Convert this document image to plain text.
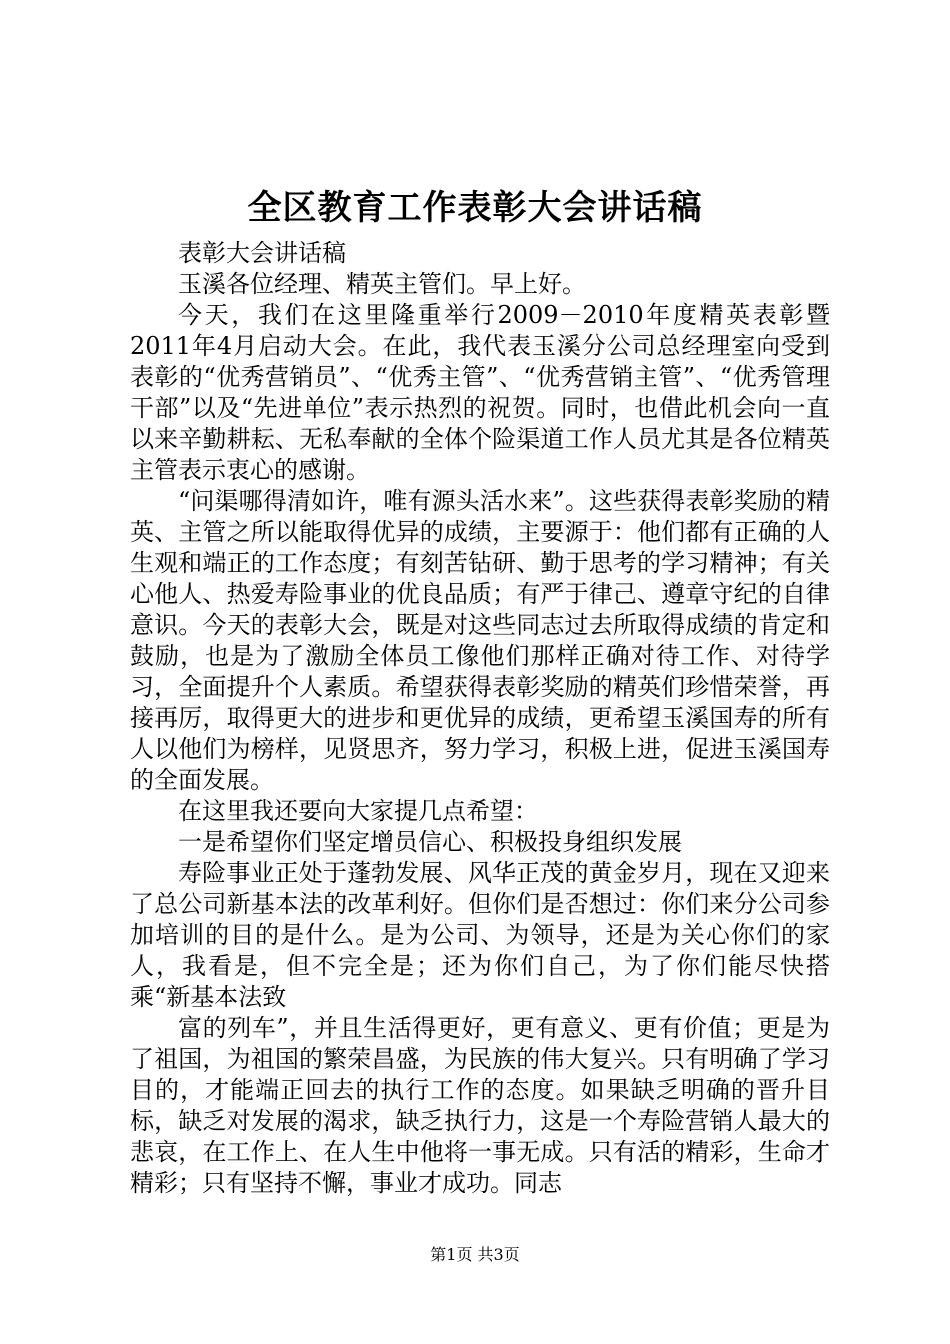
全区教育工作表彰大会讲话稿

表彰大会讲话稿

玉溪各位经理、精英主管们。早上好。

今天，我们在这里隆重举行2009－2010年度精英表彰暨2011年4月启动大会。在此，我代表玉溪分公司总经理室向受到表彰的“优秀营销员”、“优秀主管”、“优秀营销主管”、“优秀管理干部”以及“先进单位”表示热烈的祝贺。同时，也借此机会向一直以来辛勤耕耘、无私奉献的全体个险渠道工作人员尤其是各位精英主管表示衷心的感谢。

“问渠哪得清如许，唯有源头活水来”。这些获得表彰奖励的精英、主管之所以能取得优异的成绩，主要源于：他们都有正确的人生观和端正的工作态度；有刻苦钻研、勤于思考的学习精神；有关心他人、热爱寿险事业的优良品质；有严于律己、遵章守纪的自律意识。今天的表彰大会，既是对这些同志过去所取得成绩的肯定和鼓励，也是为了激励全体员工像他们那样正确对待工作、对待学习，全面提升个人素质。希望获得表彰奖励的精英们珍惜荣誉，再接再厉，取得更大的进步和更优异的成绩，更希望玉溪国寿的所有人以他们为榜样，见贤思齐，努力学习，积极上进，促进玉溪国寿的全面发展。

在这里我还要向大家提几点希望：

一是希望你们坚定增员信心、积极投身组织发展

寿险事业正处于蓬勃发展、风华正茂的黄金岁月，现在又迎来了总公司新基本法的改革利好。但你们是否想过：你们来分公司参加培训的目的是什么。是为公司、为领导，还是为关心你们的家人，我看是，但不完全是；还为你们自己，为了你们能尽快搭乘“新基本法致

富的列车”，并且生活得更好，更有意义、更有价值；更是为了祖国，为祖国的繁荣昌盛，为民族的伟大复兴。只有明确了学习目的，才能端正回去的执行工作的态度。如果缺乏明确的晋升目标，缺乏对发展的渴求，缺乏执行力，这是一个寿险营销人最大的悲哀，在工作上、在人生中他将一事无成。只有活的精彩，生命才精彩；只有坚持不懈，事业才成功。同志

第1页 共3页
